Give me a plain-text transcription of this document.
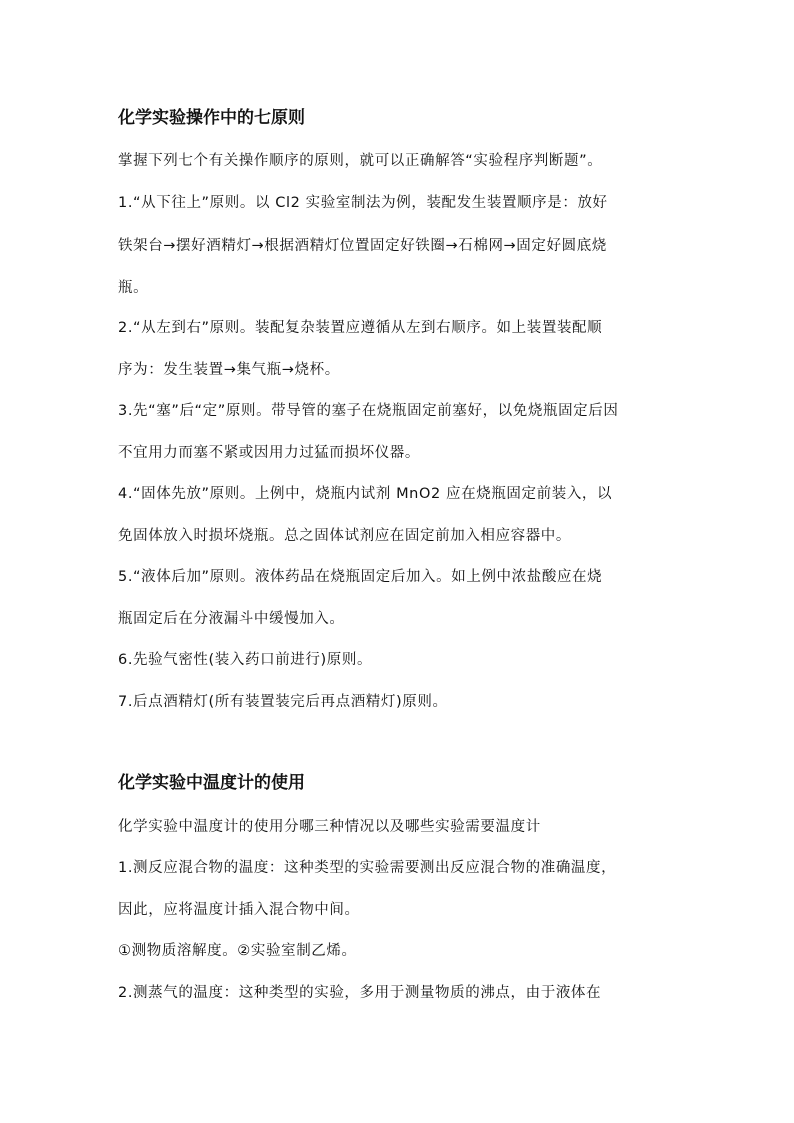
化学实验操作中的七原则
掌握下列七个有关操作顺序的原则，就可以正确解答“实验程序判断题”。
1.“从下往上”原则。以 Cl2 实验室制法为例，装配发生装置顺序是：放好
铁架台→摆好酒精灯→根据酒精灯位置固定好铁圈→石棉网→固定好圆底烧
瓶。
2.“从左到右”原则。装配复杂装置应遵循从左到右顺序。如上装置装配顺
序为：发生装置→集气瓶→烧杯。
3.先“塞”后“定”原则。带导管的塞子在烧瓶固定前塞好，以免烧瓶固定后因
不宜用力而塞不紧或因用力过猛而损坏仪器。
4.“固体先放”原则。上例中，烧瓶内试剂 MnO2 应在烧瓶固定前装入，以
免固体放入时损坏烧瓶。总之固体试剂应在固定前加入相应容器中。
5.“液体后加”原则。液体药品在烧瓶固定后加入。如上例中浓盐酸应在烧
瓶固定后在分液漏斗中缓慢加入。
6.先验气密性(装入药口前进行)原则。
7.后点酒精灯(所有装置装完后再点酒精灯)原则。
化学实验中温度计的使用
化学实验中温度计的使用分哪三种情况以及哪些实验需要温度计
1.测反应混合物的温度：这种类型的实验需要测出反应混合物的准确温度，
因此，应将温度计插入混合物中间。
①测物质溶解度。②实验室制乙烯。
2.测蒸气的温度：这种类型的实验，多用于测量物质的沸点，由于液体在
